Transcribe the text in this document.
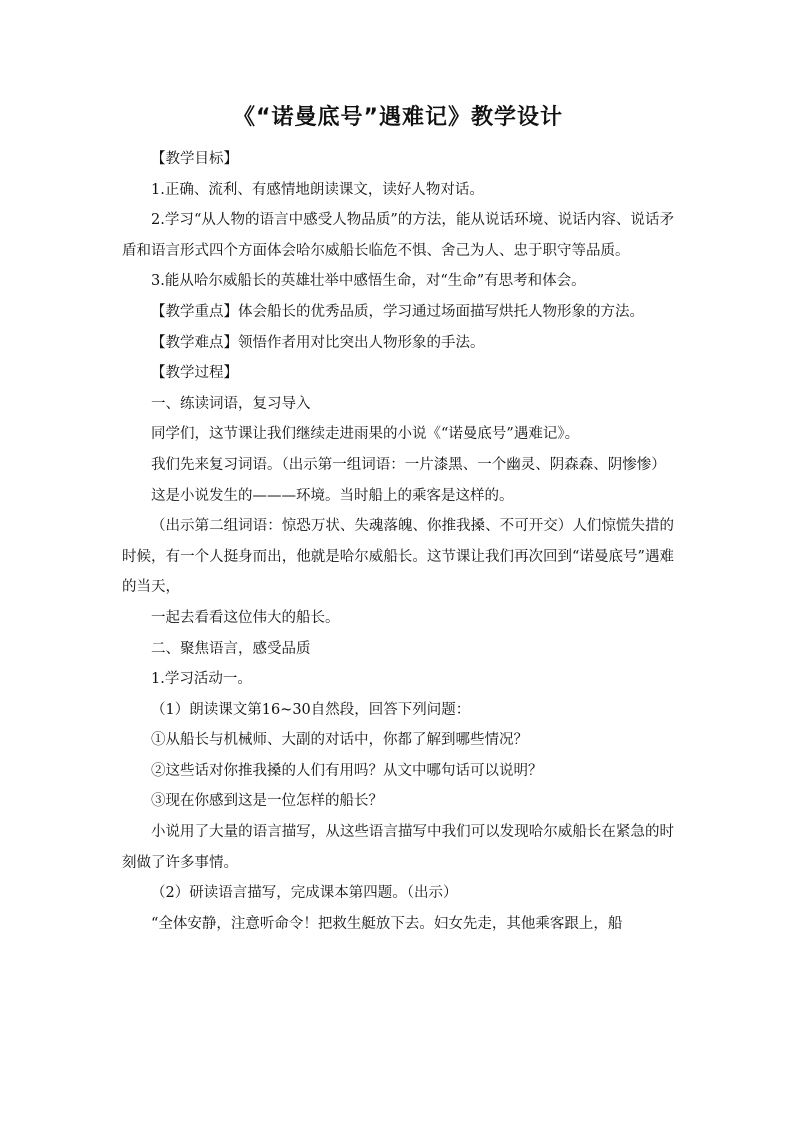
《“诺曼底号”遇难记》教学设计

【教学目标】

1.正确、流利、有感情地朗读课文，读好人物对话。

2.学习“从人物的语言中感受人物品质”的方法，能从说话环境、说话内容、说话矛盾和语言形式四个方面体会哈尔威船长临危不惧、舍己为人、忠于职守等品质。

3.能从哈尔威船长的英雄壮举中感悟生命，对“生命”有思考和体会。

【教学重点】体会船长的优秀品质，学习通过场面描写烘托人物形象的方法。

【教学难点】领悟作者用对比突出人物形象的手法。

【教学过程】

一、练读词语，复习导入

同学们，这节课让我们继续走进雨果的小说《“诺曼底号”遇难记》。

我们先来复习词语。（出示第一组词语：一片漆黑、一个幽灵、阴森森、阴惨惨）

这是小说发生的———环境。当时船上的乘客是这样的。

（出示第二组词语：惊恐万状、失魂落魄、你推我搡、不可开交）人们惊慌失措的时候，有一个人挺身而出，他就是哈尔威船长。这节课让我们再次回到“诺曼底号”遇难的当天，

一起去看看这位伟大的船长。

二、聚焦语言，感受品质

1.学习活动一。

（1）朗读课文第16~30自然段，回答下列问题：

①从船长与机械师、大副的对话中，你都了解到哪些情况？

②这些话对你推我搡的人们有用吗？从文中哪句话可以说明？

③现在你感到这是一位怎样的船长？

小说用了大量的语言描写，从这些语言描写中我们可以发现哈尔威船长在紧急的时刻做了许多事情。

（2）研读语言描写，完成课本第四题。（出示）

“全体安静，注意听命令！把救生艇放下去。妇女先走，其他乘客跟上，船
